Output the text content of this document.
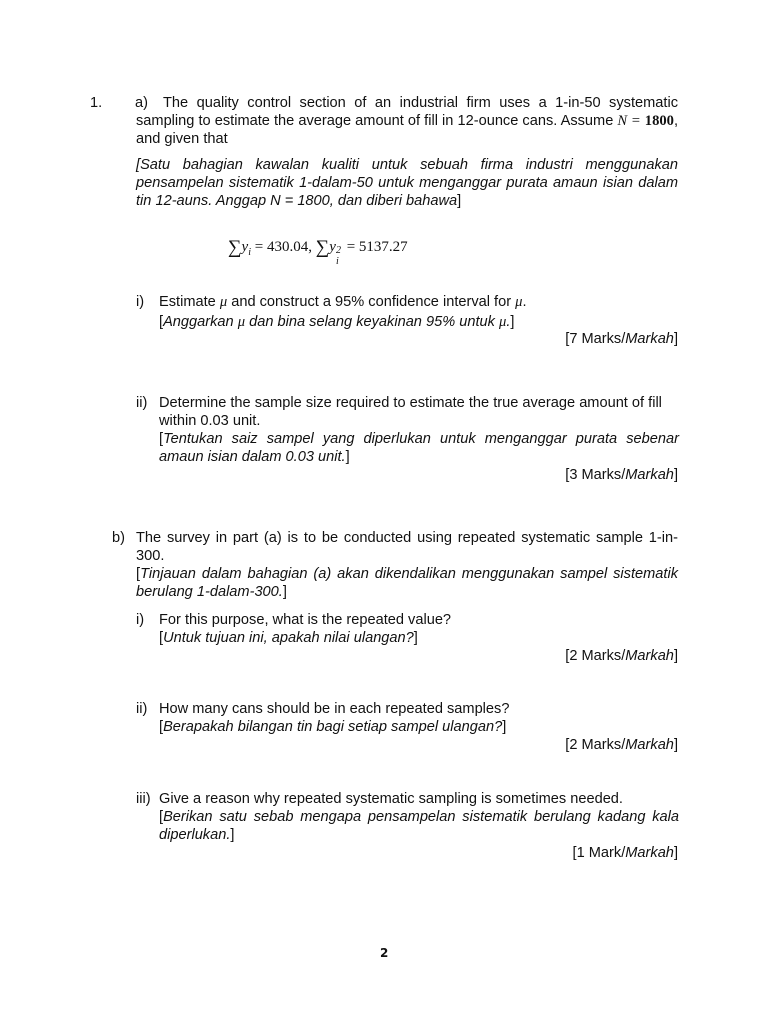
1. a)	The quality control section of an industrial firm uses a 1-in-50 systematic sampling to estimate the average amount of fill in 12-ounce cans. Assume N = 1800, and given that
[Satu bahagian kawalan kualiti untuk sebuah firma industri menggunakan pensampelan sistematik 1-dalam-50 untuk menganggar purata amaun isian dalam tin 12-auns. Anggap N = 1800, dan diberi bahawa]
$\sum y_i = 430.04$, ∑y 2
i
= 5137.27
i) Estimate μ and construct a 95% confidence interval for μ.
[Anggarkan μ dan bina selang keyakinan 95% untuk μ.]
[7 Marks/Markah]
ii) Determine the sample size required to estimate the true average amount of fill within 0.03 unit.
[Tentukan saiz sampel yang diperlukan untuk menganggar purata sebenar amaun isian dalam 0.03 unit.]
[3 Marks/Markah]
b) The survey in part (a) is to be conducted using repeated systematic sample 1-in-300.
[Tinjauan dalam bahagian (a) akan dikendalikan menggunakan sampel sistematik berulang 1-dalam-300.]
i) For this purpose, what is the repeated value?
[Untuk tujuan ini, apakah nilai ulangan?]
[2 Marks/Markah]
ii) How many cans should be in each repeated samples?
[Berapakah bilangan tin bagi setiap sampel ulangan?]
[2 Marks/Markah]
iii) Give a reason why repeated systematic sampling is sometimes needed.
[Berikan satu sebab mengapa pensampelan sistematik berulang kadang kala diperlukan.]
[1 Mark/Markah]
2
